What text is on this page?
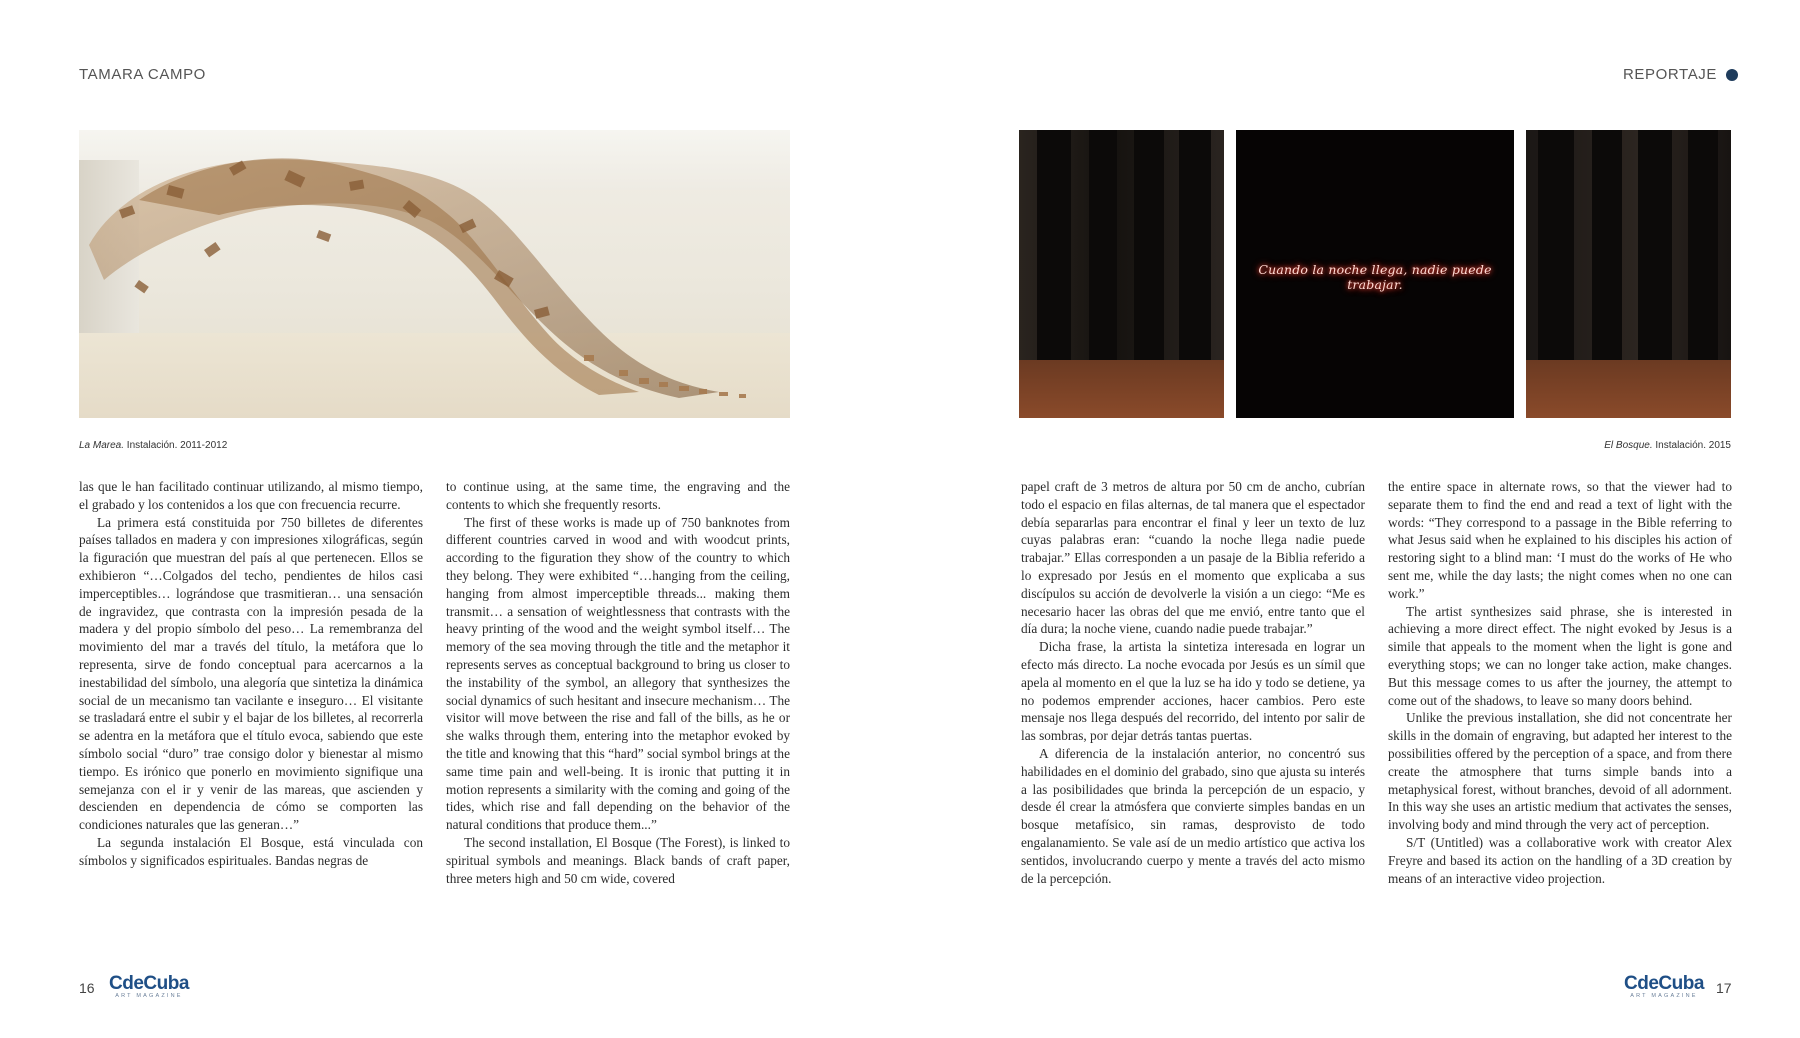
TAMARA CAMPO	REPORTAJE
Cuando la noche llega, nadie puede trabajar.
La Marea. Instalación. 2011-2012	El Bosque. Instalación. 2015

las que le han facilitado continuar utilizando, al mismo tiempo, el grabado y los contenidos a los que con frecuencia recurre.

La primera está constituida por 750 billetes de diferentes países tallados en madera y con impresiones xilográficas, según la figuración que muestran del país al que pertenecen. Ellos se exhibieron “…Colgados del techo, pendientes de hilos casi imperceptibles… lográndose que trasmitieran… una sensación de ingravidez, que contrasta con la impresión pesada de la madera y del propio símbolo del peso… La remembranza del movimiento del mar a través del título, la metáfora que lo representa, sirve de fondo conceptual para acercarnos a la inestabilidad del símbolo, una alegoría que sintetiza la dinámica social de un mecanismo tan vacilante e inseguro… El visitante se trasladará entre el subir y el bajar de los billetes, al recorrerla se adentra en la metáfora que el título evoca, sabiendo que este símbolo social “duro” trae consigo dolor y bienestar al mismo tiempo. Es irónico que ponerlo en movimiento signifique una semejanza con el ir y venir de las mareas, que ascienden y descienden en dependencia de cómo se comporten las condiciones naturales que las generan…”

La segunda instalación El Bosque, está vinculada con símbolos y significados espirituales. Bandas negras de

to continue using, at the same time, the engraving and the contents to which she frequently resorts.

The first of these works is made up of 750 banknotes from different countries carved in wood and with woodcut prints, according to the figuration they show of the country to which they belong. They were exhibited “…hanging from the ceiling, hanging from almost imperceptible threads... making them transmit… a sensation of weightlessness that contrasts with the heavy printing of the wood and the weight symbol itself… The memory of the sea moving through the title and the metaphor it represents serves as conceptual background to bring us closer to the instability of the symbol, an allegory that synthesizes the social dynamics of such hesitant and insecure mechanism… The visitor will move between the rise and fall of the bills, as he or she walks through them, entering into the metaphor evoked by the title and knowing that this “hard” social symbol brings at the same time pain and well-being. It is ironic that putting it in motion represents a similarity with the coming and going of the tides, which rise and fall depending on the behavior of the natural conditions that produce them...”

The second installation, El Bosque (The Forest), is linked to spiritual symbols and meanings. Black bands of craft paper, three meters high and 50 cm wide, covered

papel craft de 3 metros de altura por 50 cm de ancho, cubrían todo el espacio en filas alternas, de tal manera que el espectador debía separarlas para encontrar el final y leer un texto de luz cuyas palabras eran: “cuando la noche llega nadie puede trabajar.” Ellas corresponden a un pasaje de la Biblia referido a lo expresado por Jesús en el momento que explicaba a sus discípulos su acción de devolverle la visión a un ciego: “Me es necesario hacer las obras del que me envió, entre tanto que el día dura; la noche viene, cuando nadie puede trabajar.”

Dicha frase, la artista la sintetiza interesada en lograr un efecto más directo. La noche evocada por Jesús es un símil que apela al momento en el que la luz se ha ido y todo se detiene, ya no podemos emprender acciones, hacer cambios. Pero este mensaje nos llega después del recorrido, del intento por salir de las sombras, por dejar detrás tantas puertas.

A diferencia de la instalación anterior, no concentró sus habilidades en el dominio del grabado, sino que ajusta su interés a las posibilidades que brinda la percepción de un espacio, y desde él crear la atmósfera que convierte simples bandas en un bosque metafísico, sin ramas, desprovisto de todo engalanamiento. Se vale así de un medio artístico que activa los sentidos, involucrando cuerpo y mente a través del acto mismo de la percepción.

the entire space in alternate rows, so that the viewer had to separate them to find the end and read a text of light with the words: “They correspond to a passage in the Bible referring to what Jesus said when he explained to his disciples his action of restoring sight to a blind man: ‘I must do the works of He who sent me, while the day lasts; the night comes when no one can work.”

The artist synthesizes said phrase, she is interested in achieving a more direct effect. The night evoked by Jesus is a simile that appeals to the moment when the light is gone and everything stops; we can no longer take action, make changes. But this message comes to us after the journey, the attempt to come out of the shadows, to leave so many doors behind.

Unlike the previous installation, she did not concentrate her skills in the domain of engraving, but adapted her interest to the possibilities offered by the perception of a space, and from there create the atmosphere that turns simple bands into a metaphysical forest, without branches, devoid of all adornment. In this way she uses an artistic medium that activates the senses, involving body and mind through the very act of perception.

S/T (Untitled) was a collaborative work with creator Alex Freyre and based its action on the handling of a 3D creation by means of an interactive video projection.

16 CdeCuba
ART MAGAZINE
CdeCuba
ART MAGAZINE	17
